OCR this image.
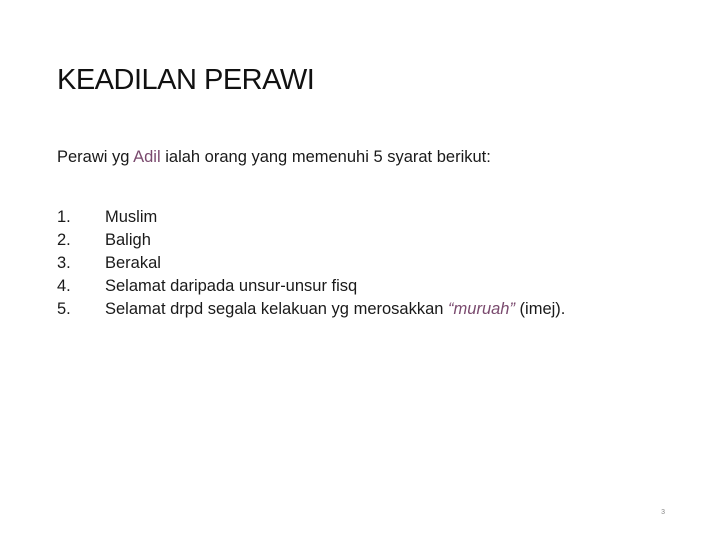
KEADILAN PERAWI
Perawi yg Adil ialah orang yang memenuhi 5 syarat berikut:
1.	Muslim
2.	Baligh
3.	Berakal
4.	Selamat daripada unsur-unsur fisq
5.	Selamat drpd segala kelakuan yg merosakkan “muruah” (imej).
3
